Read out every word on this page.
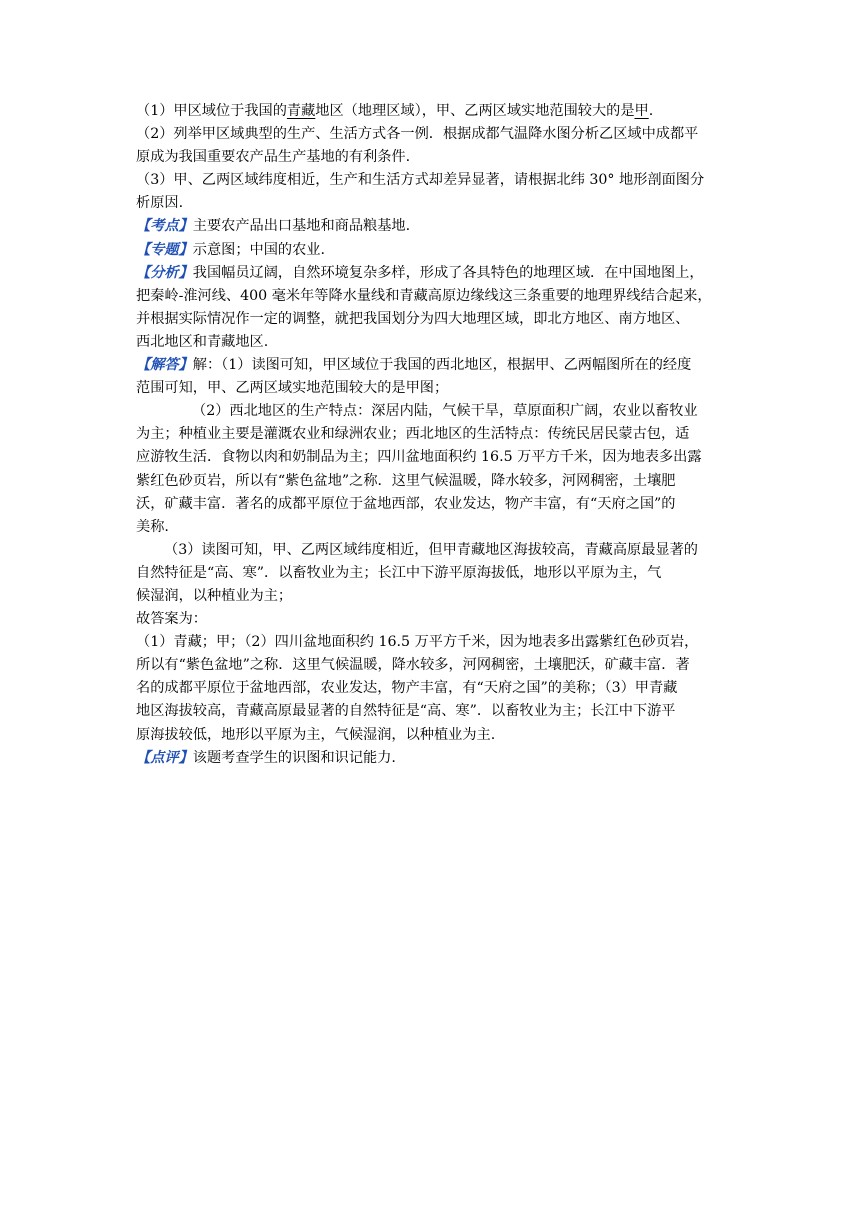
（1）甲区域位于我国的青藏地区（地理区域），甲、乙两区域实地范围较大的是甲.
（2）列举甲区域典型的生产、生活方式各一例．根据成都气温降水图分析乙区域中成都平
原成为我国重要农产品生产基地的有利条件.
（3）甲、乙两区域纬度相近，生产和生活方式却差异显著，请根据北纬 30° 地形剖面图分
析原因.
【考点】主要农产品出口基地和商品粮基地.
【专题】示意图；中国的农业.
【分析】我国幅员辽阔，自然环境复杂多样，形成了各具特色的地理区域．在中国地图上，
把秦岭-淮河线、400 毫米年等降水量线和青藏高原边缘线这三条重要的地理界线结合起来，
并根据实际情况作一定的调整，就把我国划分为四大地理区域，即北方地区、南方地区、
西北地区和青藏地区.
【解答】解：（1）读图可知，甲区域位于我国的西北地区，根据甲、乙两幅图所在的经度
范围可知，甲、乙两区域实地范围较大的是甲图；
（2）西北地区的生产特点：深居内陆，气候干旱，草原面积广阔，农业以畜牧业
为主；种植业主要是灌溉农业和绿洲农业；西北地区的生活特点：传统民居民蒙古包，适
应游牧生活．食物以肉和奶制品为主；四川盆地面积约 16.5 万平方千米，因为地表多出露
紫红色砂页岩，所以有“紫色盆地”之称．这里气候温暖，降水较多，河网稠密，土壤肥
沃，矿藏丰富．著名的成都平原位于盆地西部，农业发达，物产丰富，有“天府之国”的
美称.
（3）读图可知，甲、乙两区域纬度相近，但甲青藏地区海拔较高，青藏高原最显著的
自然特征是“高、寒”．以畜牧业为主；长江中下游平原海拔低，地形以平原为主，气
候湿润，以种植业为主；
故答案为：
（1）青藏；甲；（2）四川盆地面积约 16.5 万平方千米，因为地表多出露紫红色砂页岩，
所以有“紫色盆地”之称．这里气候温暖，降水较多，河网稠密，土壤肥沃，矿藏丰富．著
名的成都平原位于盆地西部，农业发达，物产丰富，有“天府之国”的美称；（3）甲青藏
地区海拔较高，青藏高原最显著的自然特征是“高、寒”．以畜牧业为主；长江中下游平
原海拔较低，地形以平原为主，气候湿润，以种植业为主.
【点评】该题考查学生的识图和识记能力.
